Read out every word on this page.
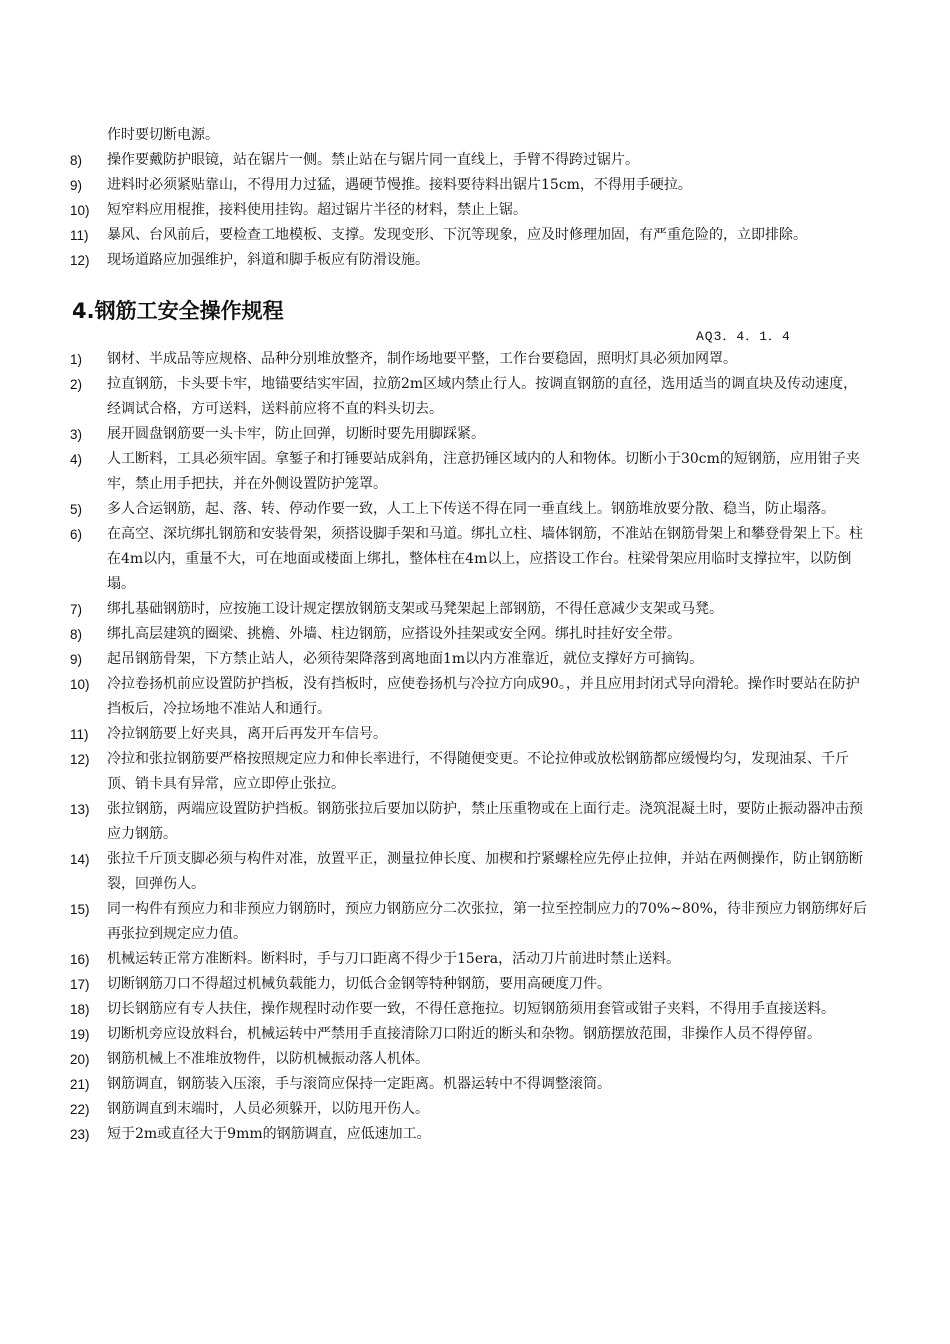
作时要切断电源。
8)	操作要戴防护眼镜，站在锯片一侧。禁止站在与锯片同一直线上，手臂不得跨过锯片。
9)	进料时必须紧贴靠山，不得用力过猛，遇硬节慢推。接料要待料出锯片15cm，不得用手硬拉。
10)	短窄料应用棍推，接料使用挂钩。超过锯片半径的材料，禁止上锯。
11)	暴风、台风前后，要检查工地模板、支撑。发现变形、下沉等现象，应及时修理加固，有严重危险的，立即排除。
12)	现场道路应加强维护，斜道和脚手板应有防滑设施。
4.钢筋工安全操作规程
AQ3．4．1．4
1)	钢材、半成品等应规格、品种分别堆放整齐，制作场地要平整，工作台要稳固，照明灯具必须加网罩。
2)	拉直钢筋，卡头要卡牢，地锚要结实牢固，拉筋2m区域内禁止行人。按调直钢筋的直径，选用适当的调直块及传动速度，经调试合格，方可送料，送料前应将不直的料头切去。
3)	展开圆盘钢筋要一头卡牢，防止回弹，切断时要先用脚踩紧。
4)	人工断料，工具必须牢固。拿錾子和打锤要站成斜角，注意扔锤区域内的人和物体。切断小于30cm的短钢筋，应用钳子夹牢，禁止用手把扶，并在外侧设置防护笼罩。
5)	多人合运钢筋，起、落、转、停动作要一致，人工上下传送不得在同一垂直线上。钢筋堆放要分散、稳当，防止塌落。
6)	在高空、深坑绑扎钢筋和安装骨架，须搭设脚手架和马道。绑扎立柱、墙体钢筋，不准站在钢筋骨架上和攀登骨架上下。柱在4m以内，重量不大，可在地面或楼面上绑扎，整体柱在4m以上，应搭设工作台。柱梁骨架应用临时支撑拉牢，以防倒塌。
7)	绑扎基础钢筋时，应按施工设计规定摆放钢筋支架或马凳架起上部钢筋，不得任意减少支架或马凳。
8)	绑扎高层建筑的圈梁、挑檐、外墙、柱边钢筋，应搭设外挂架或安全网。绑扎时挂好安全带。
9)	起吊钢筋骨架，下方禁止站人，必须待架降落到离地面1m以内方准靠近，就位支撑好方可摘钩。
10)	冷拉卷扬机前应设置防护挡板，没有挡板时，应使卷扬机与冷拉方向成90。，并且应用封闭式导向滑轮。操作时要站在防护挡板后，冷拉场地不准站人和通行。
11)	冷拉钢筋要上好夹具，离开后再发开车信号。
12)	冷拉和张拉钢筋要严格按照规定应力和伸长率进行，不得随便变更。不论拉伸或放松钢筋都应缓慢均匀，发现油泵、千斤顶、销卡具有异常，应立即停止张拉。
13)	张拉钢筋，两端应设置防护挡板。钢筋张拉后要加以防护，禁止压重物或在上面行走。浇筑混凝土时，要防止振动器冲击预应力钢筋。
14)	张拉千斤顶支脚必须与构件对准，放置平正，测量拉伸长度、加楔和拧紧螺栓应先停止拉伸，并站在两侧操作，防止钢筋断裂，回弹伤人。
15)	同一构件有预应力和非预应力钢筋时，预应力钢筋应分二次张拉，第一拉至控制应力的70%~80%，待非预应力钢筋绑好后再张拉到规定应力值。
16)	机械运转正常方准断料。断料时，手与刀口距离不得少于15era，活动刀片前进时禁止送料。
17)	切断钢筋刀口不得超过机械负载能力，切低合金钢等特种钢筋，要用高硬度刀件。
18)	切长钢筋应有专人扶住，操作规程时动作要一致，不得任意拖拉。切短钢筋须用套管或钳子夹料，不得用手直接送料。
19)	切断机旁应设放料台，机械运转中严禁用手直接清除刀口附近的断头和杂物。钢筋摆放范围，非操作人员不得停留。
20)	钢筋机械上不准堆放物件，以防机械振动落人机体。
21)	钢筋调直，钢筋装入压滚，手与滚筒应保持一定距离。机器运转中不得调整滚筒。
22)	钢筋调直到末端时，人员必须躲开，以防甩开伤人。
23)	短于2m或直径大于9mm的钢筋调直，应低速加工。
